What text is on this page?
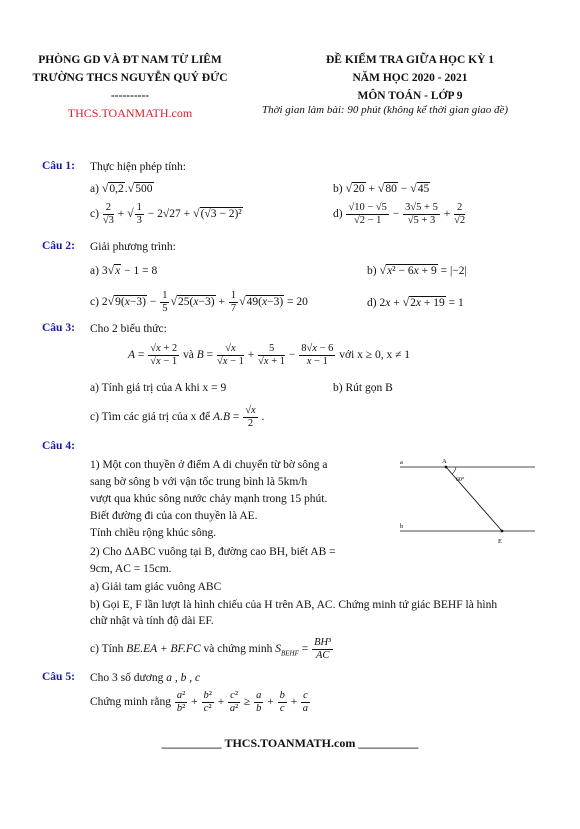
PHÒNG GD VÀ ĐT NAM TỪ LIÊM
TRƯỜNG THCS NGUYỄN QUÝ ĐỨC
----------
THCS.TOANMATH.com
ĐỀ KIỂM TRA GIỮA HỌC KỲ 1
NĂM HỌC 2020 - 2021
MÔN TOÁN - LỚP 9
Thời gian làm bài: 90 phút (không kể thời gian giao đề)
Câu 1: Thực hiện phép tính:
a) √0,2.√500	b) √20 + √80 − √45
$c) \frac{2}{√3}$ + √ $\frac{1}{3} - 2√27 + √(√3 - 2)^2$	$d) \frac{√10 - √5}{√2 - 1} - \frac{3√5 + 5}{√5 + 3} + \frac{2}{√2}$
Câu 2: Giải phương trình:
a) 3√x − 1 = 8	b) √x² − 6x + 9 = |−2|
c) $2√9(x-3) - \frac{1}{5} √25(x-3) + \frac{1}{7} √49(x-3) = 20$	d) 2x + √2x + 19 = 1
Câu 3: Cho 2 biểu thức:
$A = \frac{√x + 2}{√x - 1}$ và $B = \frac{√x}{√x - 1} + \frac{5}{√x + 1} - \frac{8√x - 6}{x - 1}$ với x ≥ 0, x ≠ 1
a) Tính giá trị của A khi x = 9	b) Rút gọn B
c) Tìm các giá trị của x để $A.B = \frac{√x}{2}$ .
Câu 4:
1) Một con thuyền ở điểm A di chuyển từ bờ sông a
sang bờ sông b với vận tốc trung bình là 5km/h
vượt qua khúc sông nước chảy mạnh trong 15 phút.
Biết đường đi của con thuyền là AE.
Tính chiều rộng khúc sông.
2) Cho ΔABC vuông tại B, đường cao BH, biết AB =
9cm, AC = 15cm.
a) Giải tam giác vuông ABC
b) Gọi E, F lần lượt là hình chiếu của H trên AB, AC. Chứng minh tứ giác BEHF là hình
chữ nhật và tính độ dài EF.
c) Tính BE.EA + BF.FC và chứng minh $S_{BEHF} = \frac{\text{BH³}}{AC}$
a
b
A
E
60°
Câu 5: Cho 3 số dương a , b , c
Chứng minh rằng $\frac{\text{a²}}{\text{b²}} + \frac{\text{b²}}{\text{c²}} + \frac{\text{c²}}{\text{a²}} \ge \frac{a}{b} + \frac{b}{c} + \frac{c}{a}$
__________ THCS.TOANMATH.com __________
